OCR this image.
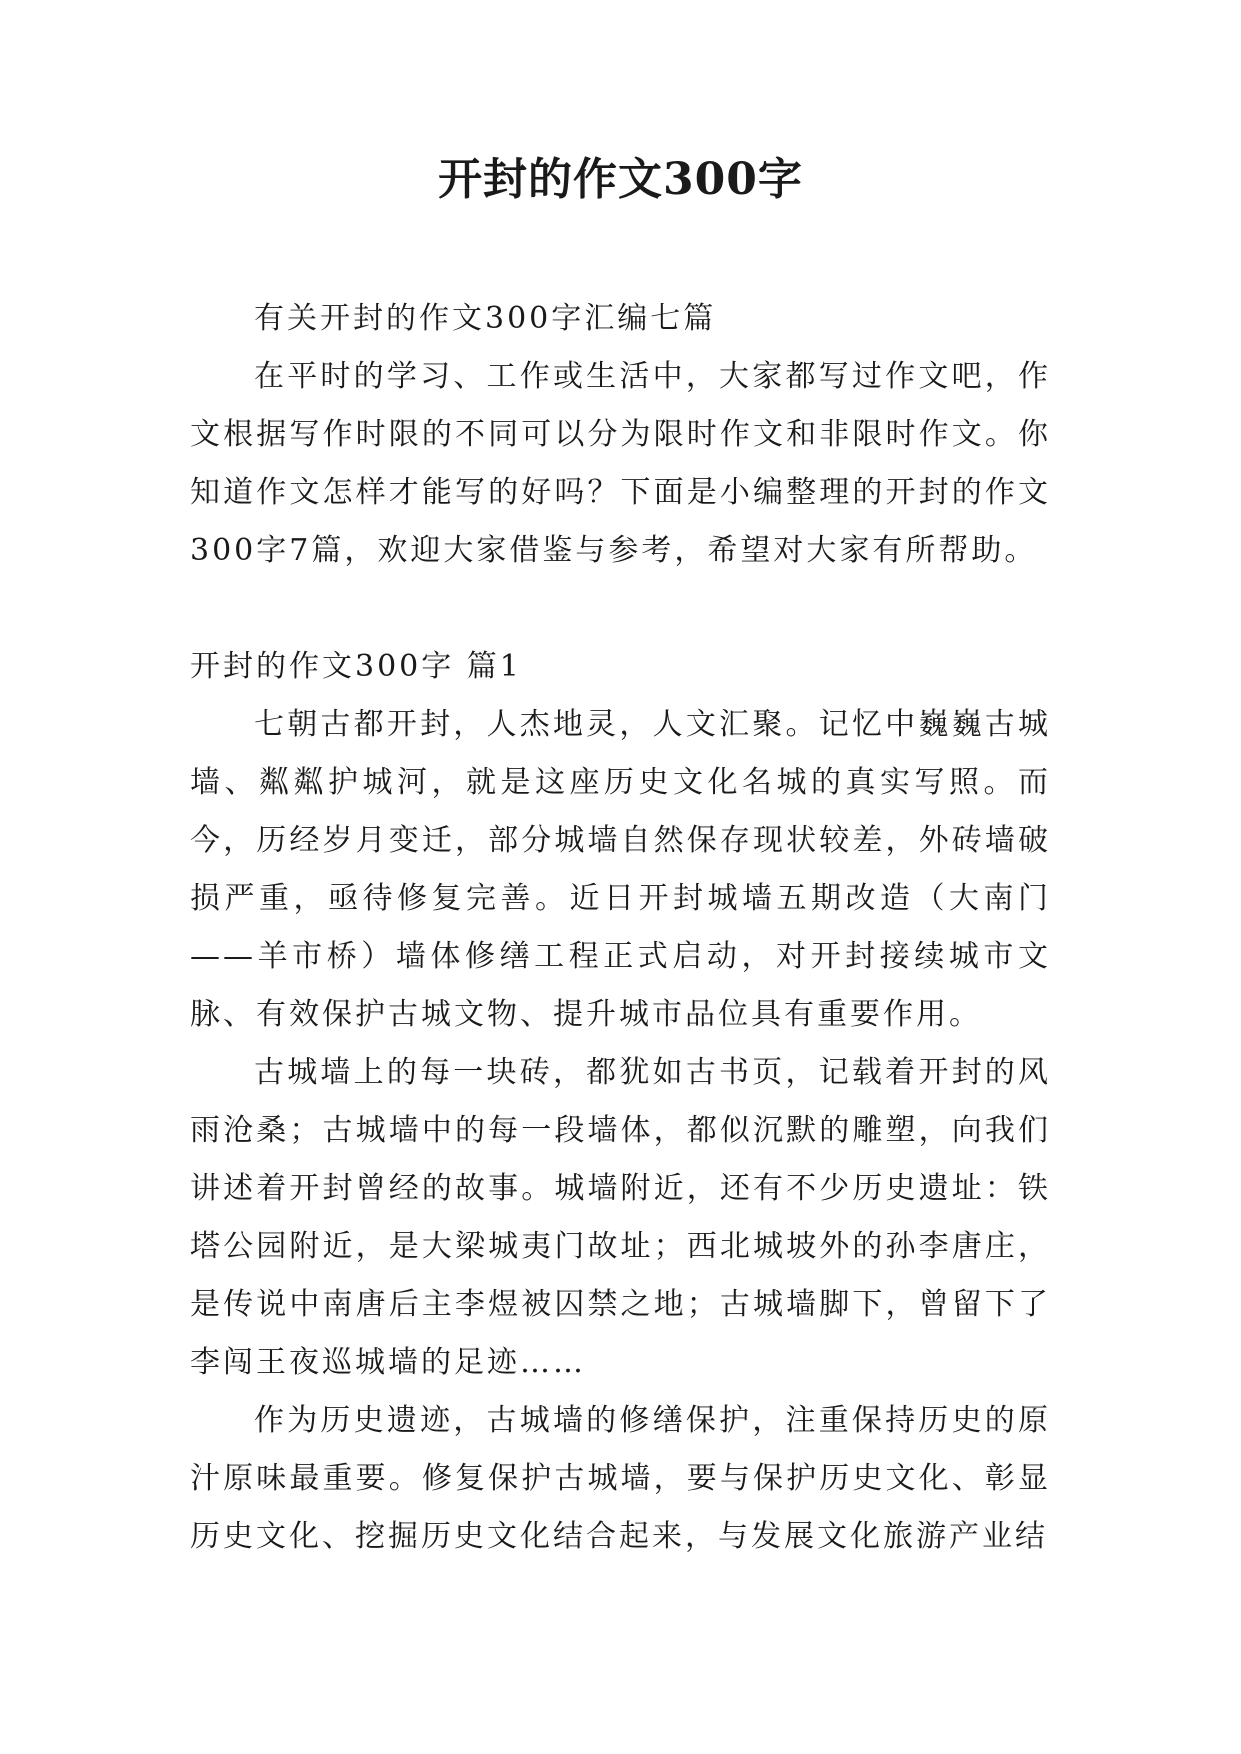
开封的作文300字

有关开封的作文300字汇编七篇

在平时的学习、工作或生活中，大家都写过作文吧，作文根据写作时限的不同可以分为限时作文和非限时作文。你知道作文怎样才能写的好吗？下面是小编整理的开封的作文300字7篇，欢迎大家借鉴与参考，希望对大家有所帮助。

开封的作文300字 篇1

七朝古都开封，人杰地灵，人文汇聚。记忆中巍巍古城墙、粼粼护城河，就是这座历史文化名城的真实写照。而今，历经岁月变迁，部分城墙自然保存现状较差，外砖墙破损严重，亟待修复完善。近日开封城墙五期改造（大南门——羊市桥）墙体修缮工程正式启动，对开封接续城市文脉、有效保护古城文物、提升城市品位具有重要作用。

古城墙上的每一块砖，都犹如古书页，记载着开封的风雨沧桑；古城墙中的每一段墙体，都似沉默的雕塑，向我们讲述着开封曾经的故事。城墙附近，还有不少历史遗址：铁塔公园附近，是大梁城夷门故址；西北城坡外的孙李唐庄，是传说中南唐后主李煜被囚禁之地；古城墙脚下，曾留下了李闯王夜巡城墙的足迹……

作为历史遗迹，古城墙的修缮保护，注重保持历史的原汁原味最重要。修复保护古城墙，要与保护历史文化、彰显历史文化、挖掘历史文化结合起来，与发展文化旅游产业结
